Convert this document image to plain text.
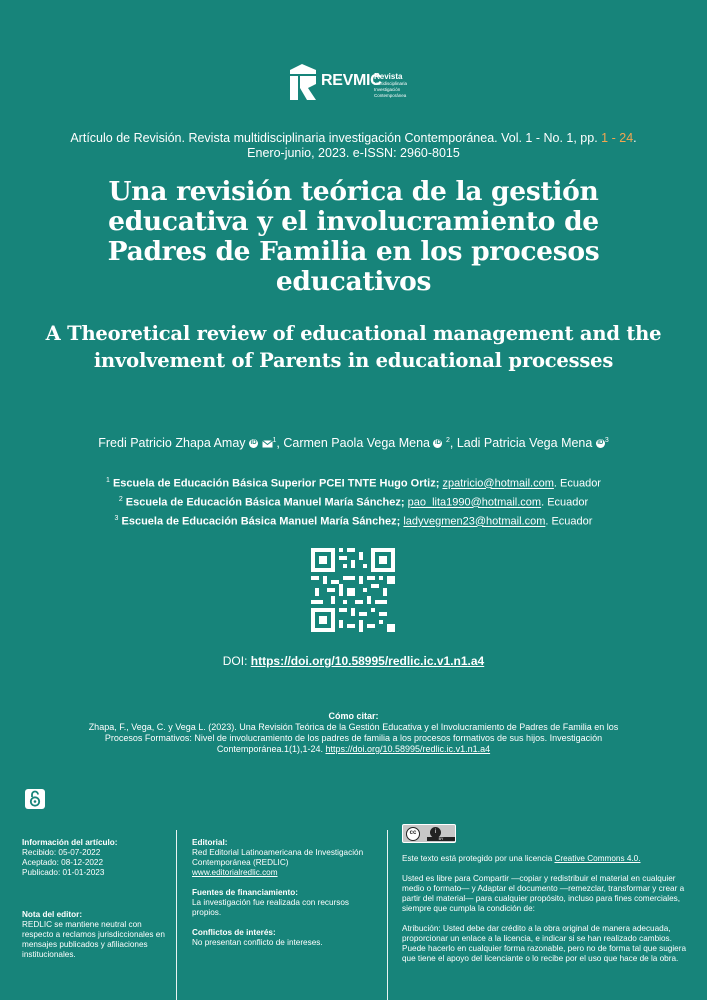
REVMIC
Revista
Multidisciplinaria
Investigación Contemporánea
Artículo de Revisión. Revista multidisciplinaria investigación Contemporánea. Vol. 1 - No. 1, pp. 1 - 24.
Enero-junio, 2023. e-ISSN: 2960-8015
Una revisión teórica de la gestión educativa y el involucramiento de Padres de Familia en los procesos educativos
A Theoretical review of educational management and the involvement of Parents in educational processes
Fredi Patricio Zhapa Amay iD $^1$, Carmen Paola Vega Mena iD $^2$, Ladi Patricia Vega Mena iD $^3$
$^1$ Escuela de Educación Básica Superior PCEI TNTE Hugo Ortiz; zpatricio@hotmail.com. Ecuador
$^2$ Escuela de Educación Básica Manuel María Sánchez; pao_lita1990@hotmail.com. Ecuador
$^3$ Escuela de Educación Básica Manuel María Sánchez; ladyvegmen23@hotmail.com. Ecuador
DOI: https://doi.org/10.58995/redlic.ic.v1.n1.a4
Cómo citar:
Zhapa, F., Vega, C. y Vega L. (2023). Una Revisión Teórica de la Gestión Educativa y el Involucramiento de Padres de Familia en los Procesos Formativos: Nivel de involucramiento de los padres de familia a los procesos formativos de sus hijos. Investigación Contemporánea.1(1),1-24. https://doi.org/10.58995/redlic.ic.v1.n1.a4
Información del artículo:
Recibido: 05-07-2022
Aceptado: 08-12-2022
Publicado: 01-01-2023
Nota del editor:
REDLIC se mantiene neutral con respecto a reclamos jurisdiccionales en mensajes publicados y afiliaciones institucionales.
Editorial:
Red Editorial Latinoamericana de Investigación Contemporánea (REDLIC)
www.editorialredlic.com
Fuentes de financiamiento:
La investigación fue realizada con recursos propios.
Conflictos de interés:
No presentan conflicto de intereses.
cc	i
BY
Este texto está protegido por una licencia Creative Commons 4.0.
Usted es libre para Compartir —copiar y redistribuir el material en cualquier medio o formato— y Adaptar el documento —remezclar, transformar y crear a partir del material— para cualquier propósito, incluso para fines comerciales, siempre que cumpla la condición de:
Atribución: Usted debe dar crédito a la obra original de manera adecuada, proporcionar un enlace a la licencia, e indicar si se han realizado cambios. Puede hacerlo en cualquier forma razonable, pero no de forma tal que sugiera que tiene el apoyo del licenciante o lo recibe por el uso que hace de la obra.
